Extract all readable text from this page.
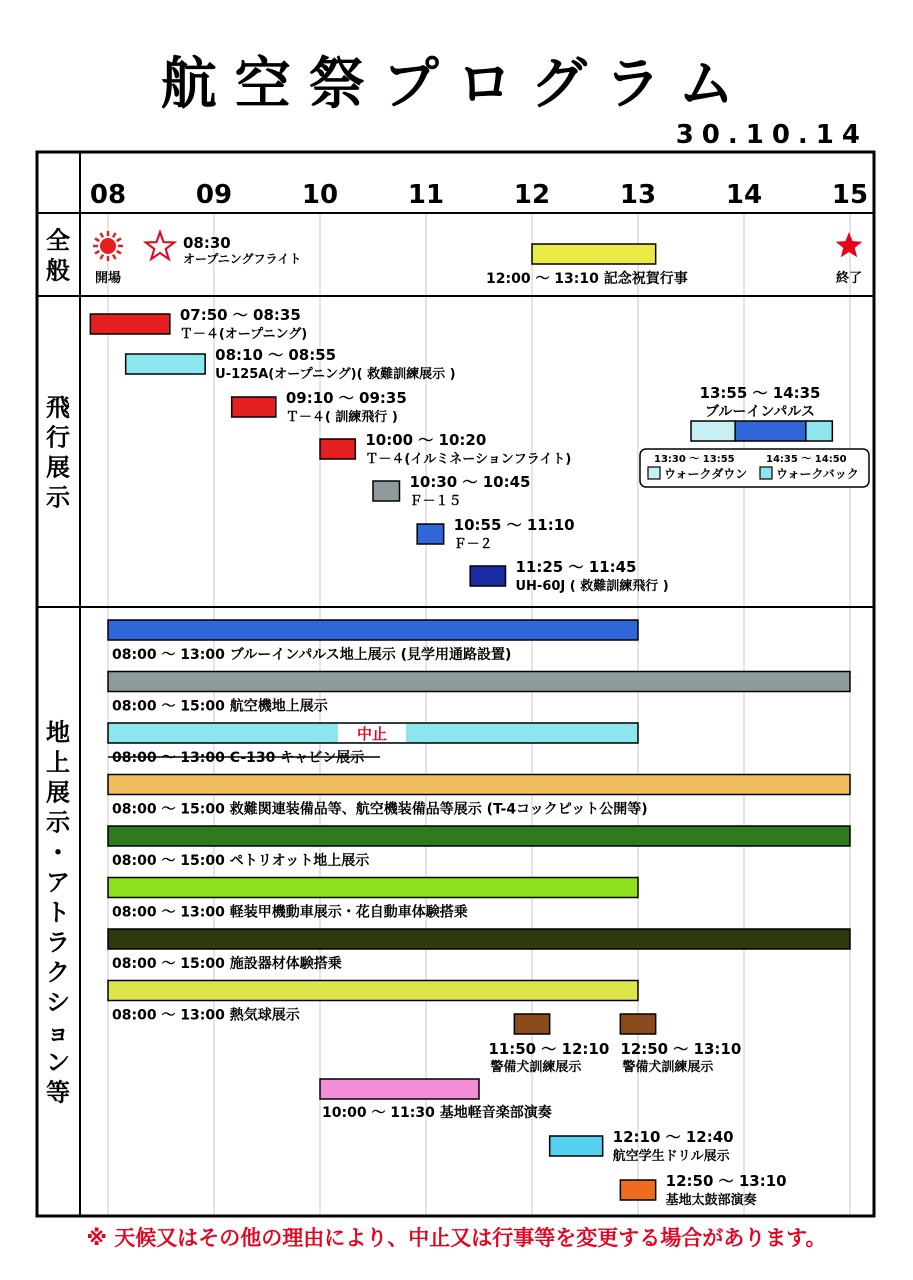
航空祭プログラム
30.10.14
08	09	10	11	12	13	14	15
全
般
飛
行
展
示
地
上
展
示
・
ア
ト
ラ
ク
シ
ョ
ン
等
開場
08:30
オープニングフライト
12:00 ～ 13:10 記念祝賀行事	終了
07:50 ～ 08:35
Ｔ－４(オープニング)
08:10 ～ 08:55
U-125A(オープニング)( 救難訓練展示 )
09:10 ～ 09:35
Ｔ－４( 訓練飛行 )
10:00 ～ 10:20
Ｔ－４(イルミネーションフライト)
10:30 ～ 10:45
Ｆ－１５
10:55 ～ 11:10
Ｆ－２
11:25 ～ 11:45
UH-60J ( 救難訓練飛行 )
13:55 ～ 14:35
ブルーインパルス
13:30 ～ 13:55
ウォークダウン
14:35 ～ 14:50
ウォークバック
08:00 ～ 13:00 ブルーインパルス地上展示 (見学用通路設置)
08:00 ～ 15:00 航空機地上展示
08:00 ～ 13:00 C-130 キャビン展示
中止
08:00 ～ 15:00 救難関連装備品等、航空機装備品等展示 (T-4コックピット公開等)
08:00 ～ 15:00 ペトリオット地上展示
08:00 ～ 13:00 軽装甲機動車展示・花自動車体験搭乗
08:00 ～ 15:00 施設器材体験搭乗
08:00 ～ 13:00 熱気球展示
11:50 ～ 12:10
警備犬訓練展示
12:50 ～ 13:10
警備犬訓練展示
10:00 ～ 11:30 基地軽音楽部演奏
12:10 ～ 12:40
航空学生ドリル展示
12:50 ～ 13:10
基地太鼓部演奏
※ 天候又はその他の理由により、中止又は行事等を変更する場合があります。
